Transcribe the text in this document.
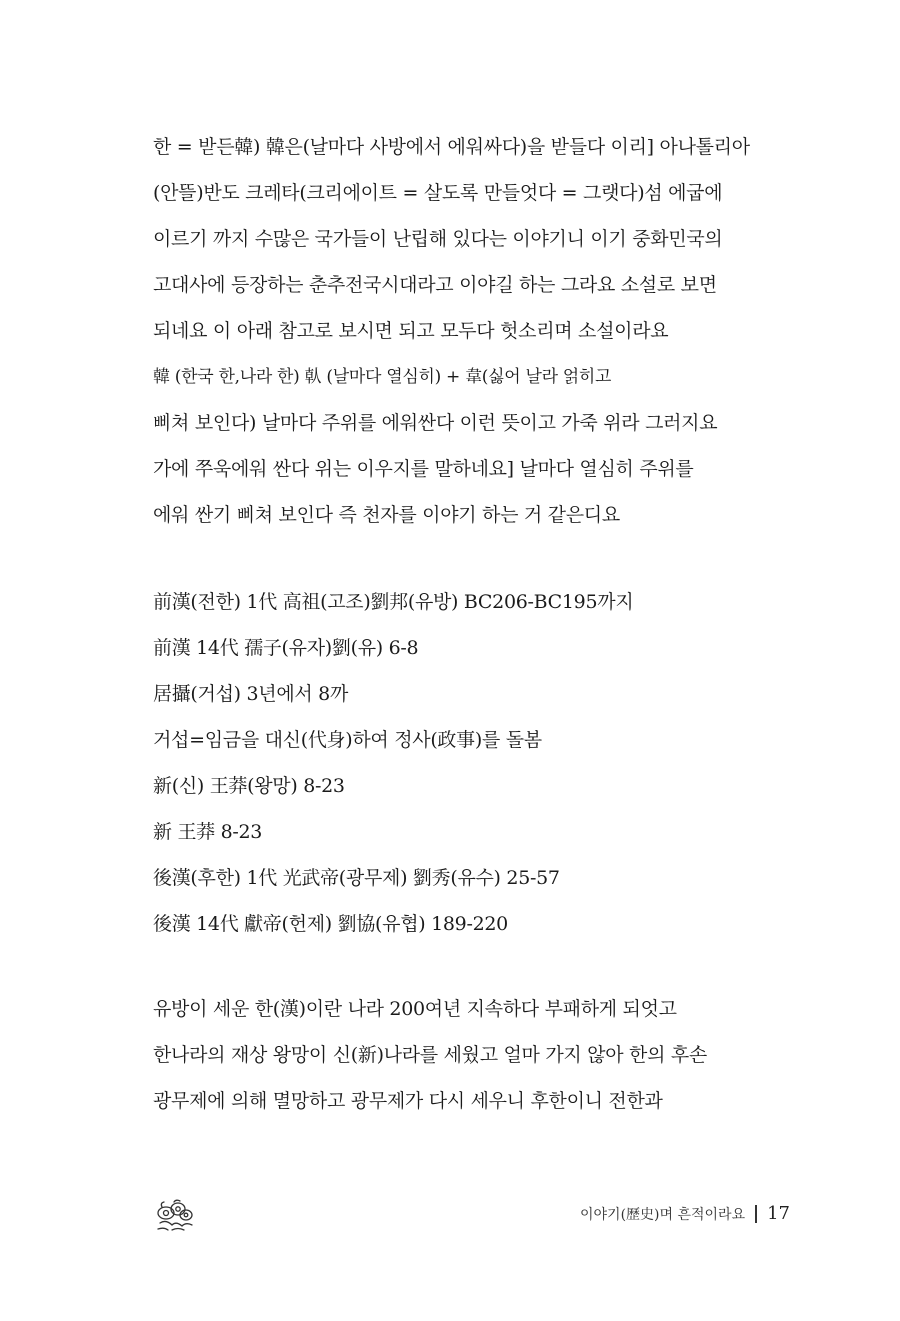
한 = 받든韓) 韓은(날마다 사방에서 에워싸다)을 받들다 이리] 아나톨리아
(안뜰)반도 크레타(크리에이트 = 살도록 만들엇다 = 그랫다)섬 에굽에
이르기 까지 수많은 국가들이 난립해 있다는 이야기니 이기 중화민국의
고대사에 등장하는 춘추전국시대라고 이야길 하는 그라요 소설로 보면
되네요 이 아래 참고로 보시면 되고 모두다 헛소리며 소설이라요
韓 (한국 한,나라 한) 倝 (날마다 열심히) + 韋(싫어 날라 얽히고
삐쳐 보인다) 날마다 주위를 에워싼다 이런 뜻이고 가죽 위라 그러지요
가에 쭈욱에워 싼다 위는 이우지를 말하네요] 날마다 열심히 주위를
에워 싼기 삐쳐 보인다 즉 천자를 이야기 하는 거 같은디요
前漢(전한) 1代 高祖(고조)劉邦(유방) BC206-BC195까지
前漢 14代 孺子(유자)劉(유) 6-8
居攝(거섭) 3년에서 8까
거섭=임금을 대신(代身)하여 정사(政事)를 돌봄
新(신) 王莽(왕망) 8-23
新 王莽 8-23
後漢(후한) 1代 光武帝(광무제) 劉秀(유수) 25-57
後漢 14代 獻帝(헌제) 劉協(유협) 189-220
유방이 세운 한(漢)이란 나라 200여년 지속하다 부패하게 되엇고
한나라의 재상 왕망이 신(新)나라를 세웠고 얼마 가지 않아 한의 후손
광무제에 의해 멸망하고 광무제가 다시 세우니 후한이니 전한과
이야기(歷史)며 흔적이라요 17
